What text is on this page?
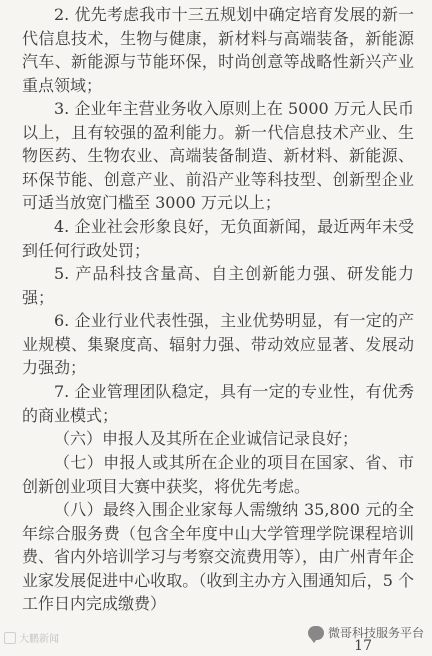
2. 优先考虑我市十三五规划中确定培育发展的新一代信息技术，生物与健康，新材料与高端装备，新能源汽车、新能源与节能环保，时尚创意等战略性新兴产业重点领域；

3. 企业年主营业务收入原则上在 5000 万元人民币以上，且有较强的盈利能力。新一代信息技术产业、生物医药、生物农业、高端装备制造、新材料、新能源、环保节能、创意产业、前沿产业等科技型、创新型企业可适当放宽门槛至 3000 万元以上；

4. 企业社会形象良好，无负面新闻，最近两年未受到任何行政处罚；

5. 产品科技含量高、自主创新能力强、研发能力强；

6. 企业行业代表性强，主业优势明显，有一定的产业规模、集聚度高、辐射力强、带动效应显著、发展动力强劲；

7. 企业管理团队稳定，具有一定的专业性，有优秀的商业模式；

（六）申报人及其所在企业诚信记录良好；

（七）申报人或其所在企业的项目在国家、省、市创新创业项目大赛中获奖，将优先考虑。

（八）最终入围企业家每人需缴纳 35,800 元的全年综合服务费（包含全年度中山大学管理学院课程培训费、省内外培训学习与考察交流费用等），由广州青年企业家发展促进中心收取。（收到主办方入围通知后，5 个工作日内完成缴费）

大鹏新闻	17
微哥科技服务平台
